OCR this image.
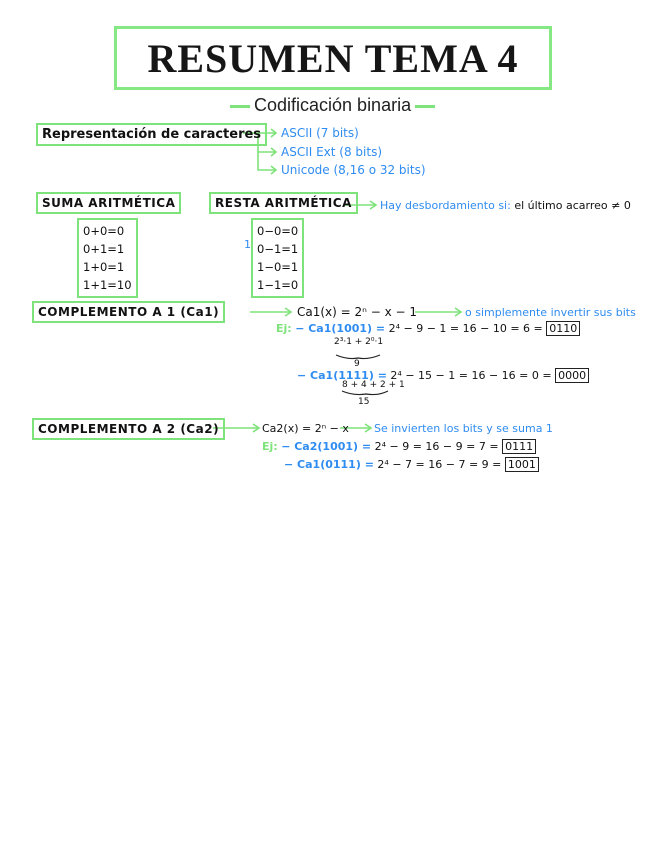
RESUMEN TEMA 4
Codificación binaria
Representación de caracteres	ASCII (7 bits)
ASCII Ext (8 bits)
Unicode (8,16 o 32 bits)
SUMA ARITMÉTICA
0+0=0
0+1=1
1+0=1
1+1=10
RESTA ARITMÉTICA	Hay desbordamiento si: el último acarreo ≠ 0
1
0−0=0
0−1=1
1−0=1
1−1=0
COMPLEMENTO A 1 (Ca1)	Ca1(x) = 2ⁿ − x − 1	o simplemente invertir sus bits
Ej: − Ca1(1001) = 2⁴ − 9 − 1 = 16 − 10 = 6 = 0110
2³·1 + 2⁰·1
9
− Ca1(1111) = 2⁴ − 15 − 1 = 16 − 16 = 0 = 0000
8 + 4 + 2 + 1
15
COMPLEMENTO A 2 (Ca2)	Ca2(x) = 2ⁿ − x Se invierten los bits y se suma 1
Ej: − Ca2(1001) = 2⁴ − 9 = 16 − 9 = 7 = 0111
− Ca1(0111) = 2⁴ − 7 = 16 − 7 = 9 = 1001
